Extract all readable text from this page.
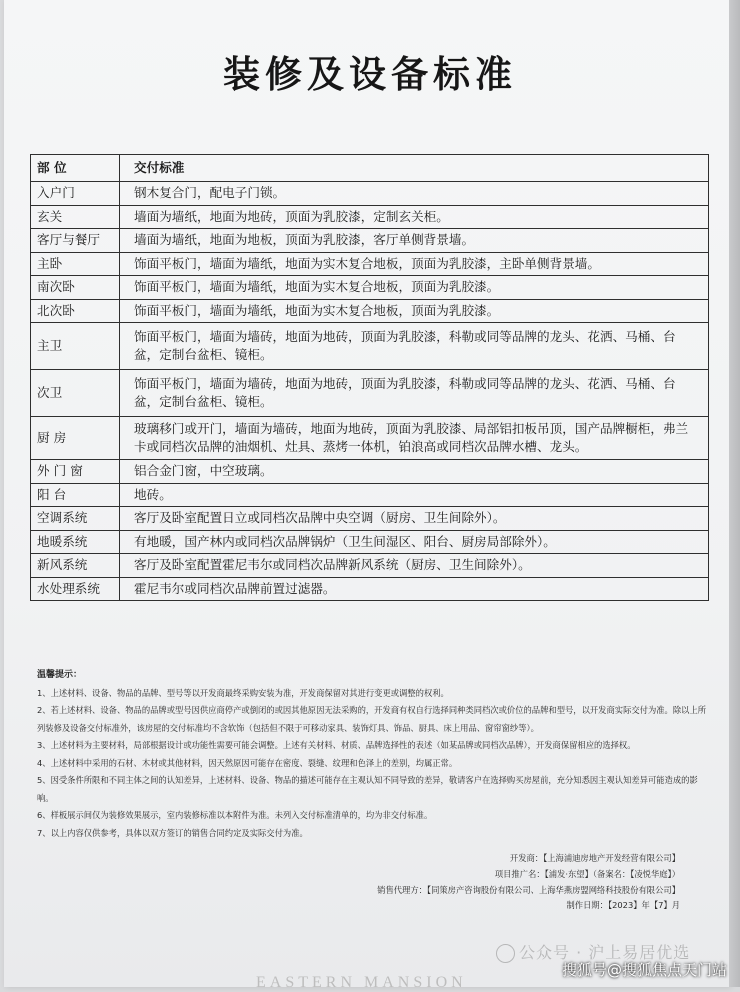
装修及设备标准
部 位	交付标准
入户门	钢木复合门，配电子门锁。
玄关	墙面为墙纸，地面为地砖，顶面为乳胶漆，定制玄关柜。
客厅与餐厅	墙面为墙纸，地面为地板，顶面为乳胶漆，客厅单侧背景墙。
主卧	饰面平板门，墙面为墙纸，地面为实木复合地板，顶面为乳胶漆，主卧单侧背景墙。
南次卧	饰面平板门，墙面为墙纸，地面为实木复合地板，顶面为乳胶漆。
北次卧	饰面平板门，墙面为墙纸，地面为实木复合地板，顶面为乳胶漆。
主卫	饰面平板门，墙面为墙砖，地面为地砖，顶面为乳胶漆，科勒或同等品牌的龙头、花洒、马桶、台盆，定制台盆柜、镜柜。
次卫	饰面平板门，墙面为墙砖，地面为地砖，顶面为乳胶漆，科勒或同等品牌的龙头、花洒、马桶、台盆，定制台盆柜、镜柜。
厨 房	玻璃移门或开门，墙面为墙砖，地面为地砖，顶面为乳胶漆、局部铝扣板吊顶，国产品牌橱柜，弗兰卡或同档次品牌的油烟机、灶具、蒸烤一体机，铂浪高或同档次品牌水槽、龙头。
外 门 窗	铝合金门窗，中空玻璃。
阳 台	地砖。
空调系统	客厅及卧室配置日立或同档次品牌中央空调（厨房、卫生间除外）。
地暖系统	有地暖，国产林内或同档次品牌锅炉（卫生间湿区、阳台、厨房局部除外）。
新风系统	客厅及卧室配置霍尼韦尔或同档次品牌新风系统（厨房、卫生间除外）。
水处理系统	霍尼韦尔或同档次品牌前置过滤器。
温馨提示：

1、上述材料、设备、物品的品牌、型号等以开发商最终采购安装为准，开发商保留对其进行变更或调整的权利。

2、若上述材料、设备、物品的品牌或型号因供应商停产或倒闭的或因其他原因无法采购的，开发商有权自行选择同种类同档次或价位的品牌和型号，以开发商实际交付为准。除以上所列装修及设备交付标准外，该房屋的交付标准均不含软饰（包括但不限于可移动家具、装饰灯具、饰品、厨具、床上用品、窗帘窗纱等）。

3、上述材料为主要材料，局部根据设计或功能性需要可能会调整。上述有关材料、材质、品牌选择性的表述（如某品牌或同档次品牌），开发商保留相应的选择权。

4、上述材料中采用的石材、木材或其他材料，因天然原因可能存在密度、裂缝、纹理和色泽上的差别，均属正常。

5、因受条件所限和不同主体之间的认知差异，上述材料、设备、物品的描述可能存在主观认知不同导致的差异，敬请客户在选择购买房屋前，充分知悉因主观认知差异可能造成的影响。

6、样板展示间仅为装修效果展示，室内装修标准以本附件为准。未列入交付标准清单的，均为非交付标准。

7、以上内容仅供参考，具体以双方签订的销售合同约定及实际交付为准。

开发商：【上海浦迪房地产开发经营有限公司】
项目推广名：【浦发·东望】（备案名：【凌悦华庭】）
销售代理方：【同策房产咨询股份有限公司、上海华燕房盟网络科技股份有限公司】
制作日期：【2023】年【7】月
公众号 · 沪上易居优选
EASTERN MANSION
搜狐号@搜狐焦点天门站
